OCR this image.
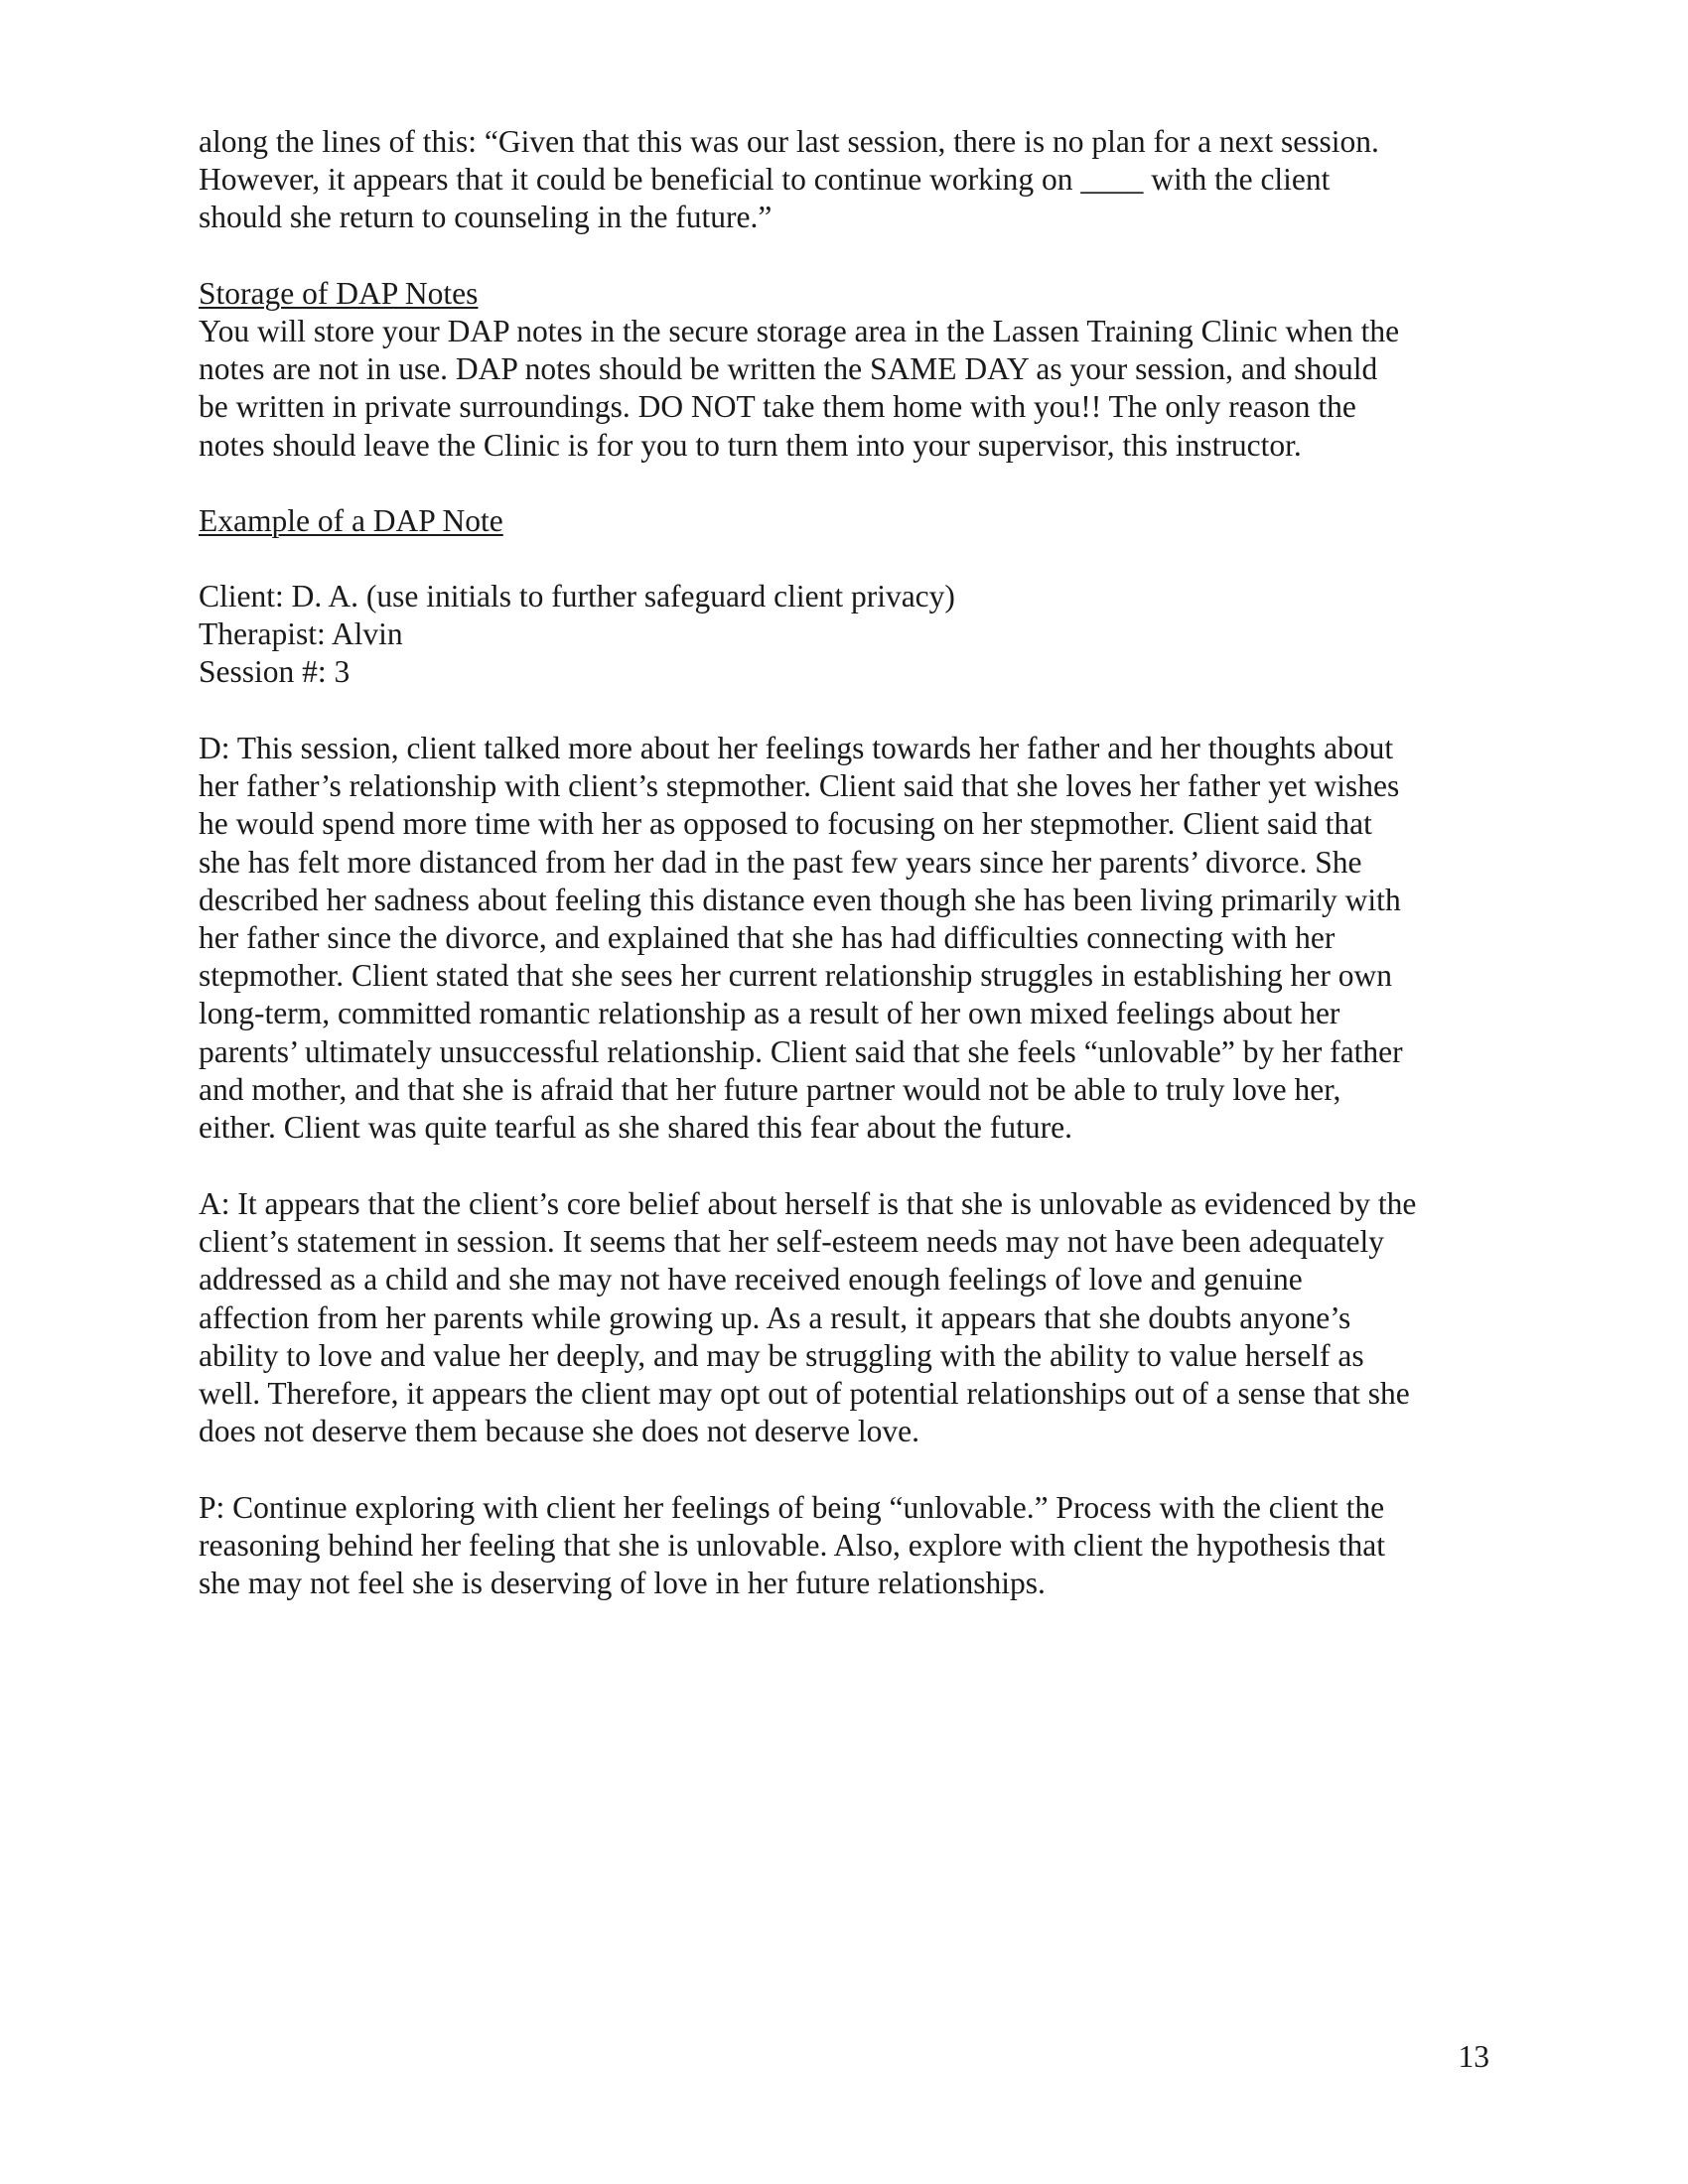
along the lines of this: “Given that this was our last session, there is no plan for a next session.
However, it appears that it could be beneficial to continue working on ____ with the client
should she return to counseling in the future.”

Storage of DAP Notes

You will store your DAP notes in the secure storage area in the Lassen Training Clinic when the
notes are not in use. DAP notes should be written the SAME DAY as your session, and should
be written in private surroundings. DO NOT take them home with you!! The only reason the
notes should leave the Clinic is for you to turn them into your supervisor, this instructor.

Example of a DAP Note

Client: D. A. (use initials to further safeguard client privacy)
Therapist: Alvin
Session #: 3

D: This session, client talked more about her feelings towards her father and her thoughts about
her father’s relationship with client’s stepmother. Client said that she loves her father yet wishes
he would spend more time with her as opposed to focusing on her stepmother. Client said that
she has felt more distanced from her dad in the past few years since her parents’ divorce. She
described her sadness about feeling this distance even though she has been living primarily with
her father since the divorce, and explained that she has had difficulties connecting with her
stepmother. Client stated that she sees her current relationship struggles in establishing her own
long-term, committed romantic relationship as a result of her own mixed feelings about her
parents’ ultimately unsuccessful relationship. Client said that she feels “unlovable” by her father
and mother, and that she is afraid that her future partner would not be able to truly love her,
either. Client was quite tearful as she shared this fear about the future.

A: It appears that the client’s core belief about herself is that she is unlovable as evidenced by the
client’s statement in session. It seems that her self-esteem needs may not have been adequately
addressed as a child and she may not have received enough feelings of love and genuine
affection from her parents while growing up. As a result, it appears that she doubts anyone’s
ability to love and value her deeply, and may be struggling with the ability to value herself as
well. Therefore, it appears the client may opt out of potential relationships out of a sense that she
does not deserve them because she does not deserve love.

P: Continue exploring with client her feelings of being “unlovable.” Process with the client the
reasoning behind her feeling that she is unlovable. Also, explore with client the hypothesis that
she may not feel she is deserving of love in her future relationships.

13
